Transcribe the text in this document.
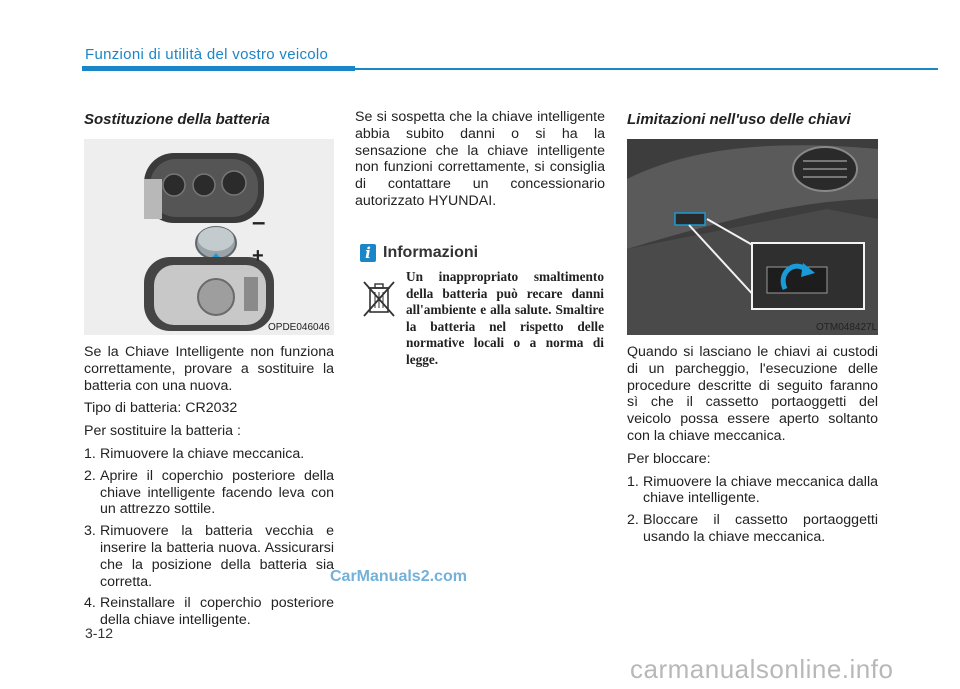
Funzioni di utilità del vostro veicolo
Sostituzione della batteria
–
+
OPDE046046

Se la Chiave Intelligente non funziona correttamente, provare a sostituire la batteria con una nuova.

Tipo di batteria: CR2032

Per sostituire la batteria :

1. Rimuovere la chiave meccanica.
2. Aprire il coperchio posteriore della chiave intelligente facendo leva con un attrezzo sottile.
3. Rimuovere la batteria vecchia e inserire la batteria nuova. Assicurarsi che la posizione della batteria sia corretta.
4. Reinstallare il coperchio posteriore della chiave intelligente.

Se si sospetta che la chiave intelligente abbia subito danni o si ha la sensazione che la chiave intelligente non funzioni correttamente, si consiglia di contattare un concessionario autorizzato HYUNDAI.

i Informazioni
Un inappropriato smaltimento della batteria può recare danni all'ambiente e alla salute. Smaltire la batteria nel rispetto delle normative locali o a norma di legge.
Limitazioni nell'uso delle chiavi
OTM048427L

Quando si lasciano le chiavi ai custodi di un parcheggio, l'esecuzione delle procedure descritte di seguito faranno sì che il cassetto portaoggetti del veicolo possa essere aperto soltanto con la chiave meccanica.

Per bloccare:

1. Rimuovere la chiave meccanica dalla chiave intelligente.
2. Bloccare il cassetto portaoggetti usando la chiave meccanica.
CarManuals2.com
3-12
carmanualsonline.info
